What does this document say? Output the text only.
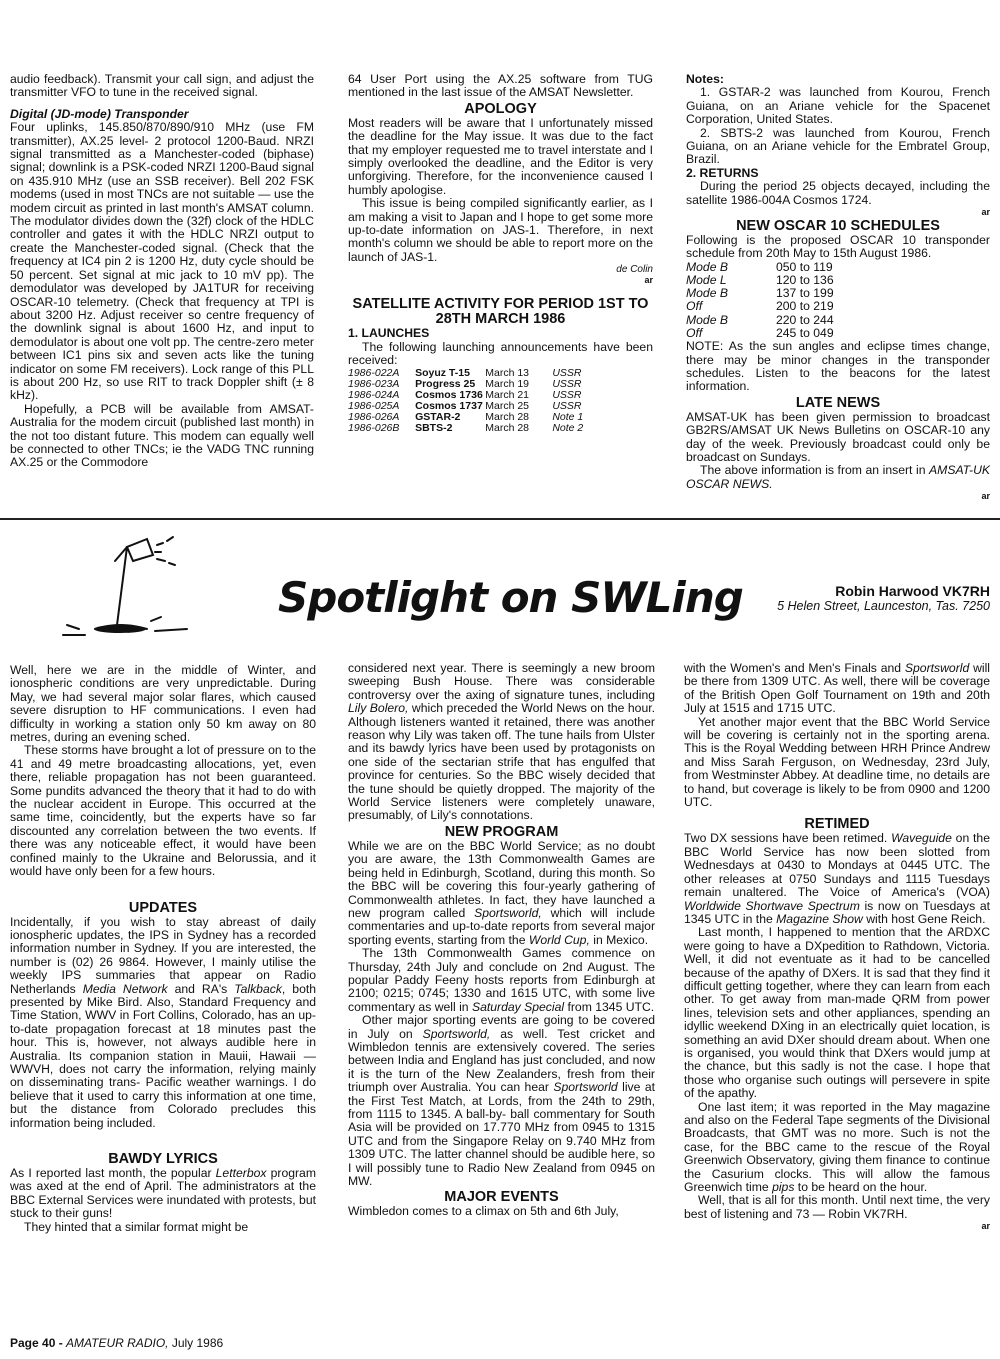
audio feedback). Transmit your call sign, and adjust the transmitter VFO to tune in the received signal.

Digital (JD-mode) Transponder

Four uplinks, 145.850/870/890/910 MHz (use FM transmitter), AX.25 level- 2 protocol 1200-Baud. NRZI signal transmitted as a Manchester-coded (biphase) signal; downlink is a PSK-coded NRZI 1200-Baud signal on 435.910 MHz (use an SSB receiver). Bell 202 FSK modems (used in most TNCs are not suitable — use the modem circuit as printed in last month's AMSAT column. The modulator divides down the (32f) clock of the HDLC controller and gates it with the HDLC NRZI output to create the Manchester-coded signal. (Check that the frequency at IC4 pin 2 is 1200 Hz, duty cycle should be 50 percent. Set signal at mic jack to 10 mV pp). The demodulator was developed by JA1TUR for receiving OSCAR-10 telemetry. (Check that frequency at TPI is about 3200 Hz. Adjust receiver so centre frequency of the downlink signal is about 1600 Hz, and input to demodulator is about one volt pp. The centre-zero meter between IC1 pins six and seven acts like the tuning indicator on some FM receivers). Lock range of this PLL is about 200 Hz, so use RIT to track Doppler shift (± 8 kHz).

Hopefully, a PCB will be available from AMSAT-Australia for the modem circuit (published last month) in the not too distant future. This modem can equally well be connected to other TNCs; ie the VADG TNC running AX.25 or the Commodore

64 User Port using the AX.25 software from TUG mentioned in the last issue of the AMSAT Newsletter.

APOLOGY

Most readers will be aware that I unfortunately missed the deadline for the May issue. It was due to the fact that my employer requested me to travel interstate and I simply overlooked the deadline, and the Editor is very unforgiving. Therefore, for the inconvenience caused I humbly apologise.

This issue is being compiled significantly earlier, as I am making a visit to Japan and I hope to get some more up-to-date information on JAS-1. Therefore, in next month's column we should be able to report more on the launch of JAS-1.

de Colin
ar
SATELLITE ACTIVITY FOR PERIOD 1ST TO 28TH MARCH 1986

1. LAUNCHES

The following launching announcements have been received:

1986-022A	Soyuz T-15	March 13	USSR
1986-023A	Progress 25	March 19	USSR
1986-024A	Cosmos 1736	March 21	USSR
1986-025A	Cosmos 1737	March 25	USSR
1986-026A	GSTAR-2	March 28	Note 1
1986-026B	SBTS-2	March 28	Note 2

Notes:

1. GSTAR-2 was launched from Kourou, French Guiana, on an Ariane vehicle for the Spacenet Corporation, United States.

2. SBTS-2 was launched from Kourou, French Guiana, on an Ariane vehicle for the Embratel Group, Brazil.

2. RETURNS

During the period 25 objects decayed, including the satellite 1986-004A Cosmos 1724.

ar
NEW OSCAR 10 SCHEDULES

Following is the proposed OSCAR 10 transponder schedule from 20th May to 15th August 1986.

Mode B	050 to 119
Mode L	120 to 136
Mode B	137 to 199
Off	200 to 219
Mode B	220 to 244
Off	245 to 049

NOTE: As the sun angles and eclipse times change, there may be minor changes in the transponder schedules. Listen to the beacons for the latest information.

LATE NEWS

AMSAT-UK has been given permission to broadcast GB2RS/AMSAT UK News Bulletins on OSCAR-10 any day of the week. Previously broadcast could only be broadcast on Sundays.

The above information is from an insert in AMSAT-UK OSCAR NEWS.

ar
Spotlight on SWLing	Robin Harwood VK7RH
5 Helen Street, Launceston, Tas. 7250

Well, here we are in the middle of Winter, and ionospheric conditions are very unpredictable. During May, we had several major solar flares, which caused severe disruption to HF communications. I even had difficulty in working a station only 50 km away on 80 metres, during an evening sched.

These storms have brought a lot of pressure on to the 41 and 49 metre broadcasting allocations, yet, even there, reliable propagation has not been guaranteed. Some pundits advanced the theory that it had to do with the nuclear accident in Europe. This occurred at the same time, coincidently, but the experts have so far discounted any correlation between the two events. If there was any noticeable effect, it would have been confined mainly to the Ukraine and Belorussia, and it would have only been for a few hours.

UPDATES

Incidentally, if you wish to stay abreast of daily ionospheric updates, the IPS in Sydney has a recorded information number in Sydney. If you are interested, the number is (02) 26 9864. However, I mainly utilise the weekly IPS summaries that appear on Radio Netherlands Media Network and RA's Talkback, both presented by Mike Bird. Also, Standard Frequency and Time Station, WWV in Fort Collins, Colorado, has an up-to-date propagation forecast at 18 minutes past the hour. This is, however, not always audible here in Australia. Its companion station in Mauii, Hawaii — WWVH, does not carry the information, relying mainly on disseminating trans- Pacific weather warnings. I do believe that it used to carry this information at one time, but the distance from Colorado precludes this information being included.

BAWDY LYRICS

As I reported last month, the popular Letterbox program was axed at the end of April. The administrators at the BBC External Services were inundated with protests, but stuck to their guns!

They hinted that a similar format might be

considered next year. There is seemingly a new broom sweeping Bush House. There was considerable controversy over the axing of signature tunes, including Lily Bolero, which preceded the World News on the hour. Although listeners wanted it retained, there was another reason why Lily was taken off. The tune hails from Ulster and its bawdy lyrics have been used by protagonists on one side of the sectarian strife that has engulfed that province for centuries. So the BBC wisely decided that the tune should be quietly dropped. The majority of the World Service listeners were completely unaware, presumably, of Lily's connotations.

NEW PROGRAM

While we are on the BBC World Service; as no doubt you are aware, the 13th Commonwealth Games are being held in Edinburgh, Scotland, during this month. So the BBC will be covering this four-yearly gathering of Commonwealth athletes. In fact, they have launched a new program called Sportsworld, which will include commentaries and up-to-date reports from several major sporting events, starting from the World Cup, in Mexico.

The 13th Commonwealth Games commence on Thursday, 24th July and conclude on 2nd August. The popular Paddy Feeny hosts reports from Edinburgh at 2100; 0215; 0745; 1330 and 1615 UTC, with some live commentary as well in Saturday Special from 1345 UTC.

Other major sporting events are going to be covered in July on Sportsworld, as well. Test cricket and Wimbledon tennis are extensively covered. The series between India and England has just concluded, and now it is the turn of the New Zealanders, fresh from their triumph over Australia. You can hear Sportsworld live at the First Test Match, at Lords, from the 24th to 29th, from 1115 to 1345. A ball-by- ball commentary for South Asia will be provided on 17.770 MHz from 0945 to 1315 UTC and from the Singapore Relay on 9.740 MHz from 1309 UTC. The latter channel should be audible here, so I will possibly tune to Radio New Zealand from 0945 on MW.

MAJOR EVENTS

Wimbledon comes to a climax on 5th and 6th July,

with the Women's and Men's Finals and Sportsworld will be there from 1309 UTC. As well, there will be coverage of the British Open Golf Tournament on 19th and 20th July at 1515 and 1715 UTC.

Yet another major event that the BBC World Service will be covering is certainly not in the sporting arena. This is the Royal Wedding between HRH Prince Andrew and Miss Sarah Ferguson, on Wednesday, 23rd July, from Westminster Abbey. At deadline time, no details are to hand, but coverage is likely to be from 0900 and 1200 UTC.

RETIMED

Two DX sessions have been retimed. Waveguide on the BBC World Service has now been slotted from Wednesdays at 0430 to Mondays at 0445 UTC. The other releases at 0750 Sundays and 1115 Tuesdays remain unaltered. The Voice of America's (VOA) Worldwide Shortwave Spectrum is now on Tuesdays at 1345 UTC in the Magazine Show with host Gene Reich.

Last month, I happened to mention that the ARDXC were going to have a DXpedition to Rathdown, Victoria. Well, it did not eventuate as it had to be cancelled because of the apathy of DXers. It is sad that they find it difficult getting together, where they can learn from each other. To get away from man-made QRM from power lines, television sets and other appliances, spending an idyllic weekend DXing in an electrically quiet location, is something an avid DXer should dream about. When one is organised, you would think that DXers would jump at the chance, but this sadly is not the case. I hope that those who organise such outings will persevere in spite of the apathy.

One last item; it was reported in the May magazine and also on the Federal Tape segments of the Divisional Broadcasts, that GMT was no more. Such is not the case, for the BBC came to the rescue of the Royal Greenwich Observatory, giving them finance to continue the Casurium clocks. This will allow the famous Greenwich time pips to be heard on the hour.

Well, that is all for this month. Until next time, the very best of listening and 73 — Robin VK7RH.

ar
Page 40 - AMATEUR RADIO, July 1986
